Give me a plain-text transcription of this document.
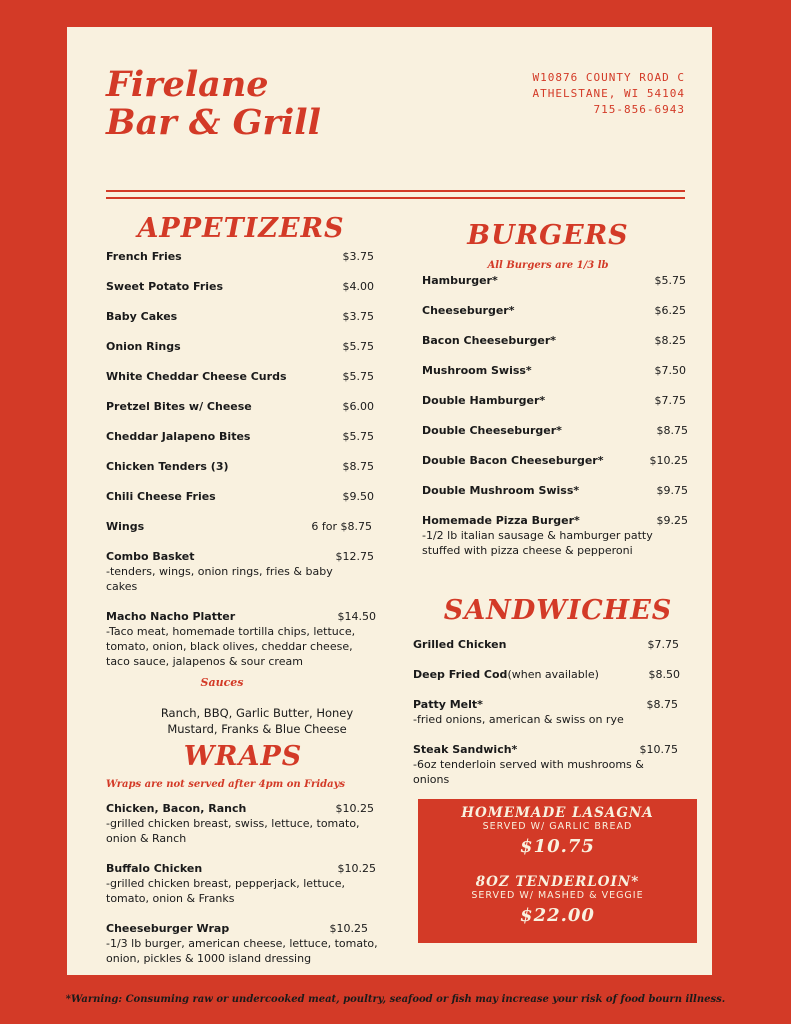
Firelane
Bar & Grill
W10876 COUNTY ROAD C
ATHELSTANE, WI 54104
715-856-6943
APPETIZERS
French Fries	$3.75
Sweet Potato Fries	$4.00
Baby Cakes	$3.75
Onion Rings	$5.75
White Cheddar Cheese Curds	$5.75
Pretzel Bites w/ Cheese	$6.00
Cheddar Jalapeno Bites	$5.75
Chicken Tenders (3)	$8.75
Chili Cheese Fries	$9.50
Wings	6 for $8.75
Combo Basket	$12.75
-tenders, wings, onion rings, fries & baby cakes
Macho Nacho Platter	$14.50
-Taco meat, homemade tortilla chips, lettuce, tomato, onion, black olives, cheddar cheese, taco sauce, jalapenos & sour cream
Sauces
Ranch, BBQ, Garlic Butter, Honey
Mustard, Franks & Blue Cheese
WRAPS

Wraps are not served after 4pm on Fridays

Chicken, Bacon, Ranch	$10.25
-grilled chicken breast, swiss, lettuce, tomato, onion & Ranch
Buffalo Chicken	$10.25
-grilled chicken breast, pepperjack, lettuce, tomato, onion & Franks
Cheeseburger Wrap	$10.25
-1/3 lb burger, american cheese, lettuce, tomato, onion, pickles & 1000 island dressing
BURGERS

All Burgers are 1/3 lb

Hamburger*	$5.75
Cheeseburger*	$6.25
Bacon Cheeseburger*	$8.25
Mushroom Swiss*	$7.50
Double Hamburger*	$7.75
Double Cheeseburger*	$8.75
Double Bacon Cheeseburger*	$10.25
Double Mushroom Swiss*	$9.75
Homemade Pizza Burger*	$9.25
-1/2 lb italian sausage & hamburger patty stuffed with pizza cheese & pepperoni
SANDWICHES
Grilled Chicken	$7.75
Deep Fried Cod(when available)	$8.50
Patty Melt*	$8.75
-fried onions, american & swiss on rye
Steak Sandwich*	$10.75
-6oz tenderloin served with mushrooms & onions
HOMEMADE LASAGNA
SERVED W/ GARLIC BREAD
$10.75
8OZ TENDERLOIN*
SERVED W/ MASHED & VEGGIE
$22.00
*Warning: Consuming raw or undercooked meat, poultry, seafood or fish may increase your risk of food bourn illness.
